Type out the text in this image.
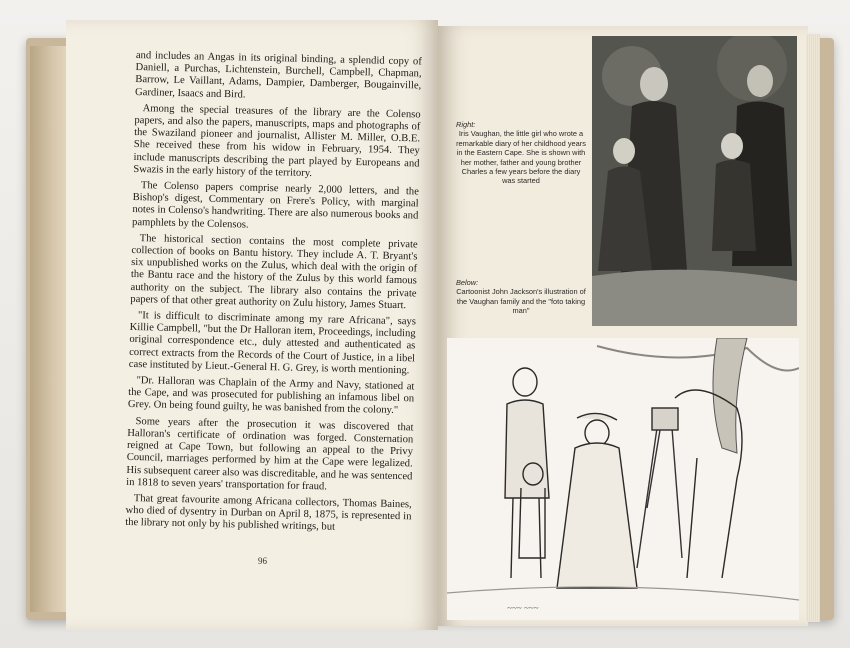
and includes an Angas in its original binding, a splendid copy of Daniell, a Purchas, Lichtenstein, Burchell, Campbell, Chapman, Barrow, Le Vaillant, Adams, Dampier, Damberger, Bougainville, Gardiner, Isaacs and Bird.

Among the special treasures of the library are the Colenso papers, and also the papers, manuscripts, maps and photographs of the Swaziland pioneer and journalist, Allister M. Miller, O.B.E. She received these from his widow in February, 1954. They include manuscripts describing the part played by Europeans and Swazis in the early history of the territory.

The Colenso papers comprise nearly 2,000 letters, and the Bishop's digest, Commentary on Frere's Policy, with marginal notes in Colenso's handwriting. There are also numerous books and pamphlets by the Colensos.

The historical section contains the most complete private collection of books on Bantu history. They include A. T. Bryant's six unpublished works on the Zulus, which deal with the origin of the Bantu race and the history of the Zulus by this world famous authority on the subject. The library also contains the private papers of that other great authority on Zulu history, James Stuart.

"It is difficult to discriminate among my rare Africana", says Killie Campbell, "but the Dr Halloran item, Proceedings, including original correspondence etc., duly attested and authenticated as correct extracts from the Records of the Court of Justice, in a libel case instituted by Lieut.-General H. G. Grey, is worth mentioning.

"Dr. Halloran was Chaplain of the Army and Navy, stationed at the Cape, and was prosecuted for publishing an infamous libel on Grey. On being found guilty, he was banished from the colony."

Some years after the prosecution it was discovered that Halloran's certificate of ordination was forged. Consternation reigned at Cape Town, but following an appeal to the Privy Council, marriages performed by him at the Cape were legalized. His subsequent career also was discreditable, and he was sentenced in 1818 to seven years' transportation for fraud.

That great favourite among Africana collectors, Thomas Baines, who died of dysentry in Durban on April 8, 1875, is represented in the library not only by his published writings, but

96
Right:
Iris Vaughan, the little girl who wrote a remarkable diary of her childhood years in the Eastern Cape. She is shown with her mother, father and young brother Charles a few years before the diary was started
Below:
Cartoonist John Jackson's illustration of the Vaughan family and the "foto taking man"
~~~ ~~~
